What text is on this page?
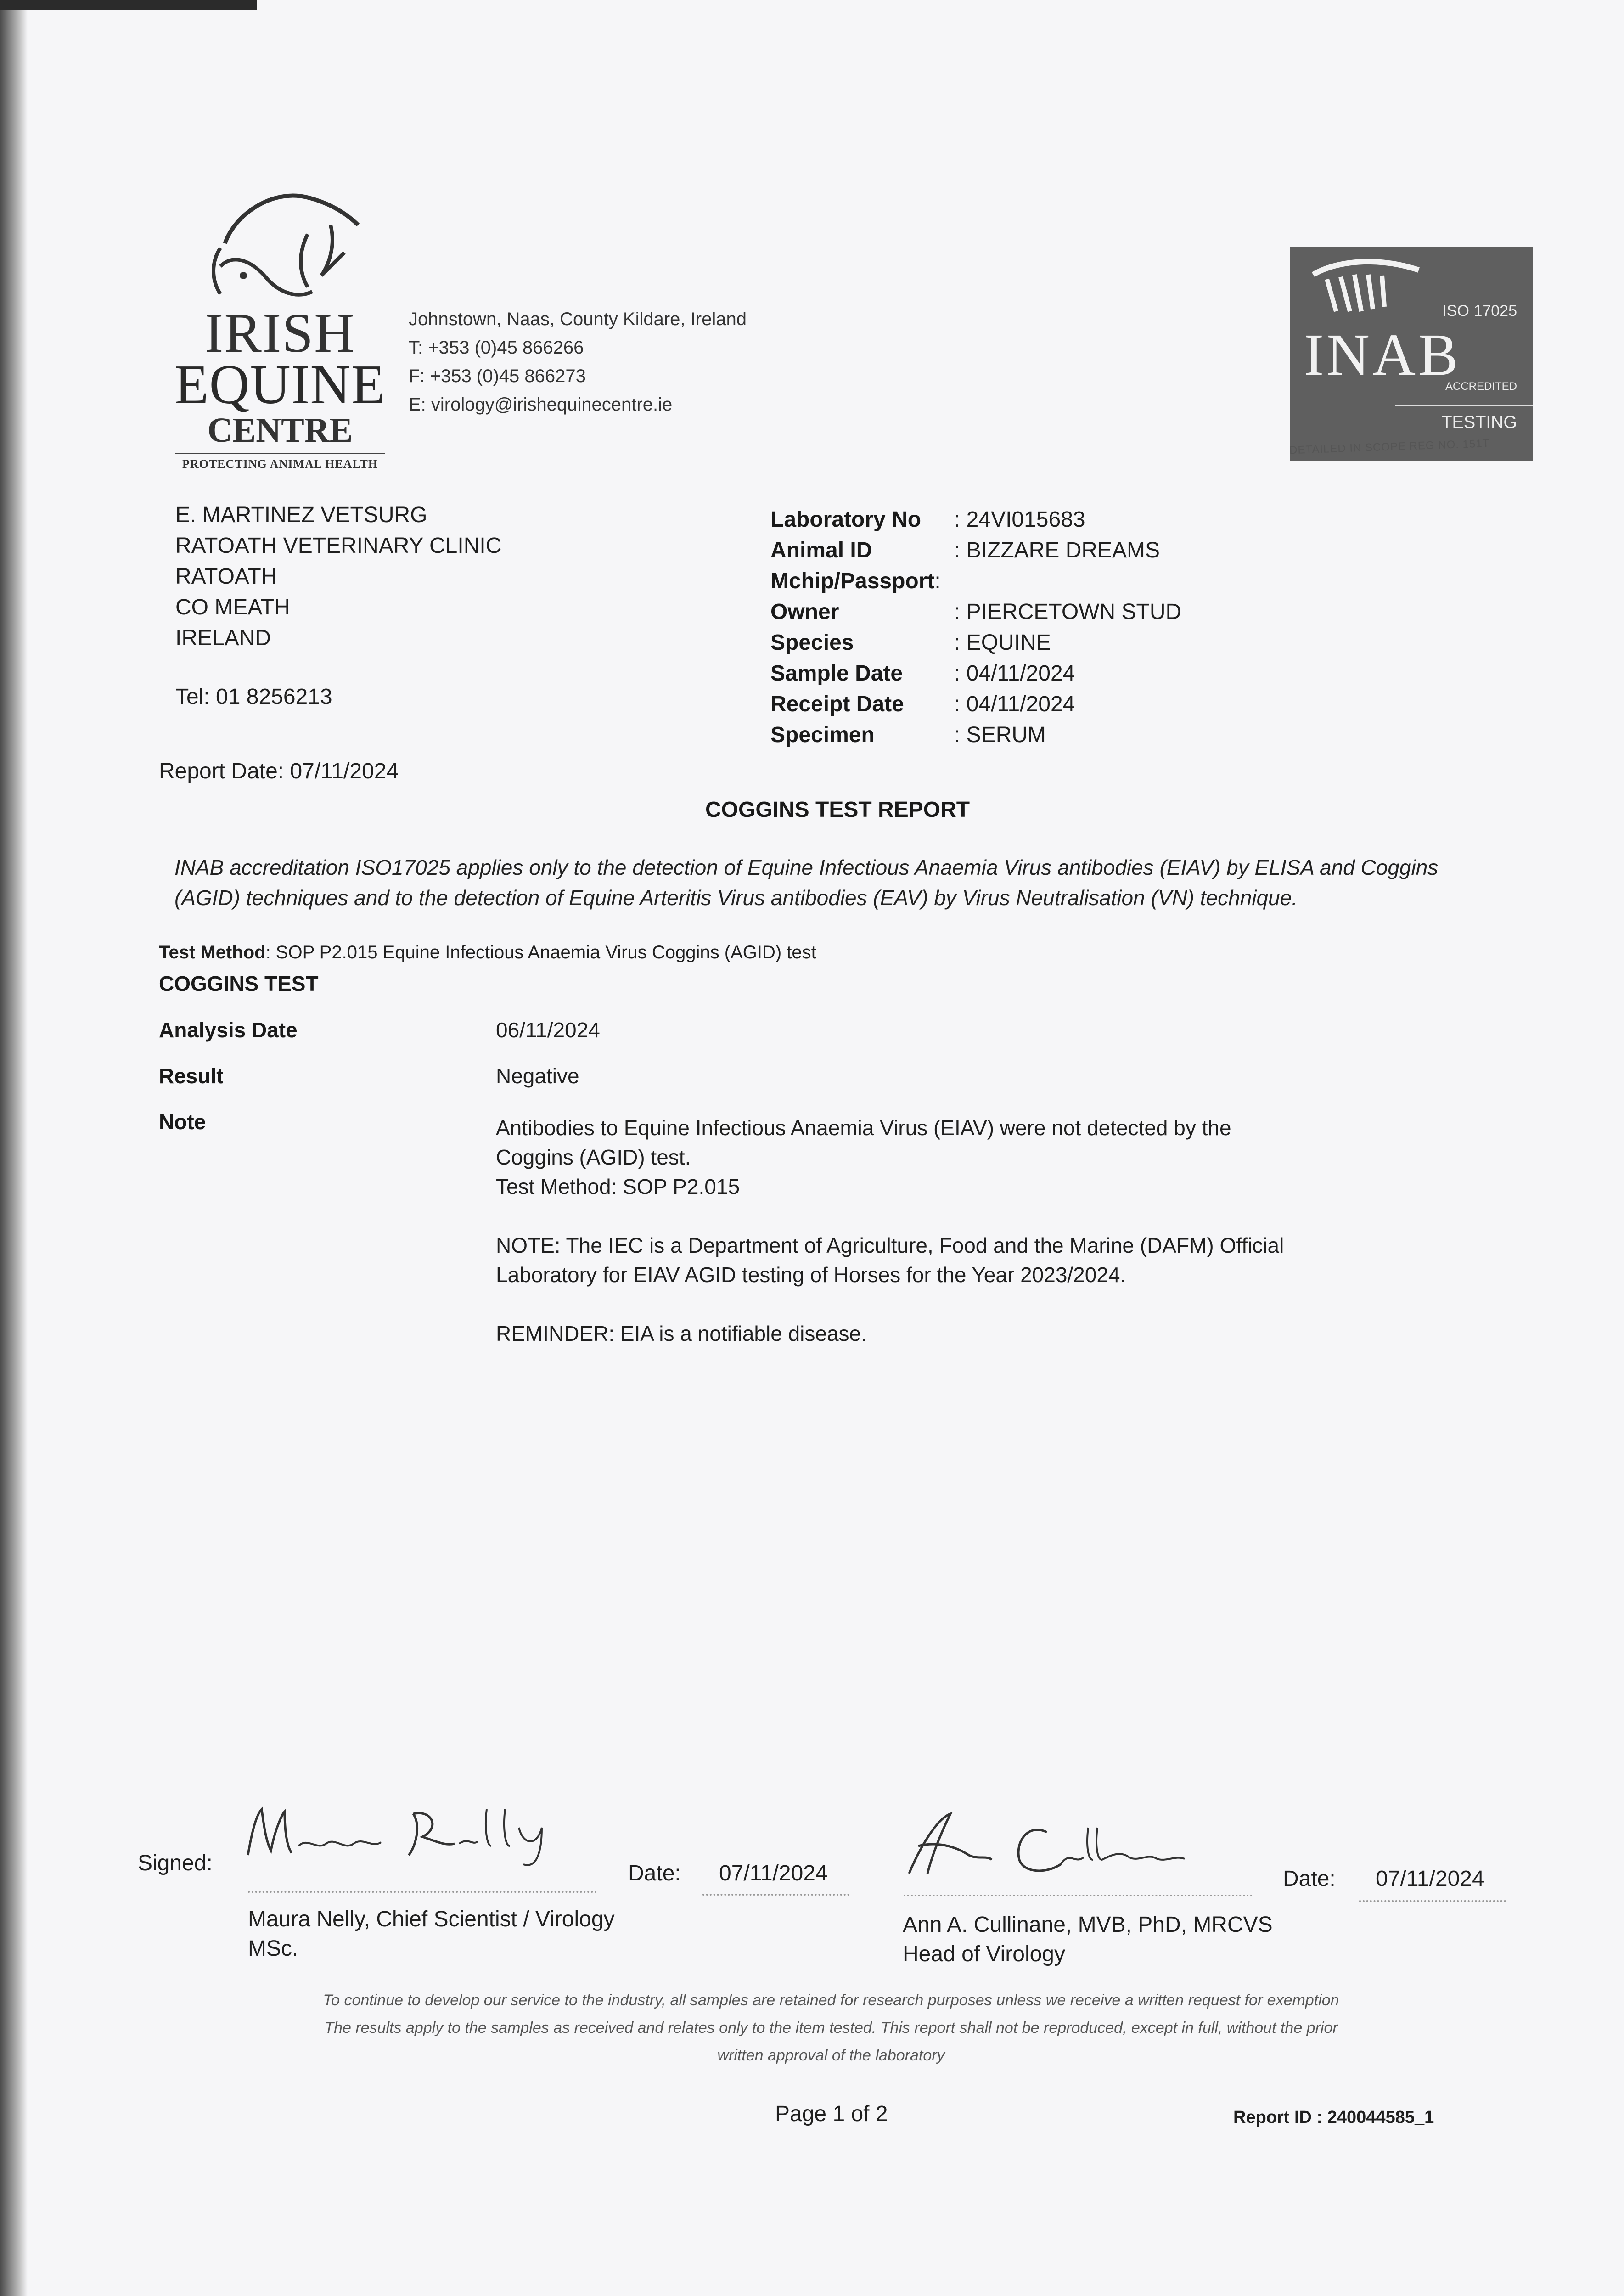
IRISH
EQUINE
CENTRE
PROTECTING ANIMAL HEALTH
Johnstown, Naas, County Kildare, Ireland
T: +353 (0)45 866266
F: +353 (0)45 866273
E: virology@irishequinecentre.ie
ISO 17025
INAB
ACCREDITED
TESTING
DETAILED IN SCOPE REG NO. 151T
E. MARTINEZ VETSURG
RATOATH VETERINARY CLINIC
RATOATH
CO MEATH
IRELAND
Tel: 01 8256213
Report Date: 07/11/2024
Laboratory No : 24VI015683
Animal ID	: BIZZARE DREAMS
Mchip/Passport:
Owner	: PIERCETOWN STUD
Species	: EQUINE
Sample Date : 04/11/2024
Receipt Date : 04/11/2024
Specimen	: SERUM
COGGINS TEST REPORT
INAB accreditation ISO17025 applies only to the detection of Equine Infectious Anaemia Virus antibodies (EIAV) by ELISA and Coggins (AGID) techniques and to the detection of Equine Arteritis Virus antibodies (EAV) by Virus Neutralisation (VN) technique.
Test Method: SOP P2.015 Equine Infectious Anaemia Virus Coggins (AGID) test
COGGINS TEST
Analysis Date	06/11/2024
Result	Negative
Note	Antibodies to Equine Infectious Anaemia Virus (EIAV) were not detected by the Coggins (AGID) test.

Test Method: SOP P2.015

NOTE: The IEC is a Department of Agriculture, Food and the Marine (DAFM) Official Laboratory for EIAV AGID testing of Horses for the Year 2023/2024.

REMINDER: EIA is a notifiable disease.

Signed:	Date: 07/11/2024
Maura Nelly, Chief Scientist / Virology
MSc.
Date: 07/11/2024
Ann A. Cullinane, MVB, PhD, MRCVS
Head of Virology
To continue to develop our service to the industry, all samples are retained for research purposes unless we receive a written request for exemption
The results apply to the samples as received and relates only to the item tested. This report shall not be reproduced, except in full, without the prior
written approval of the laboratory
Page 1 of 2	Report ID : 240044585_1
